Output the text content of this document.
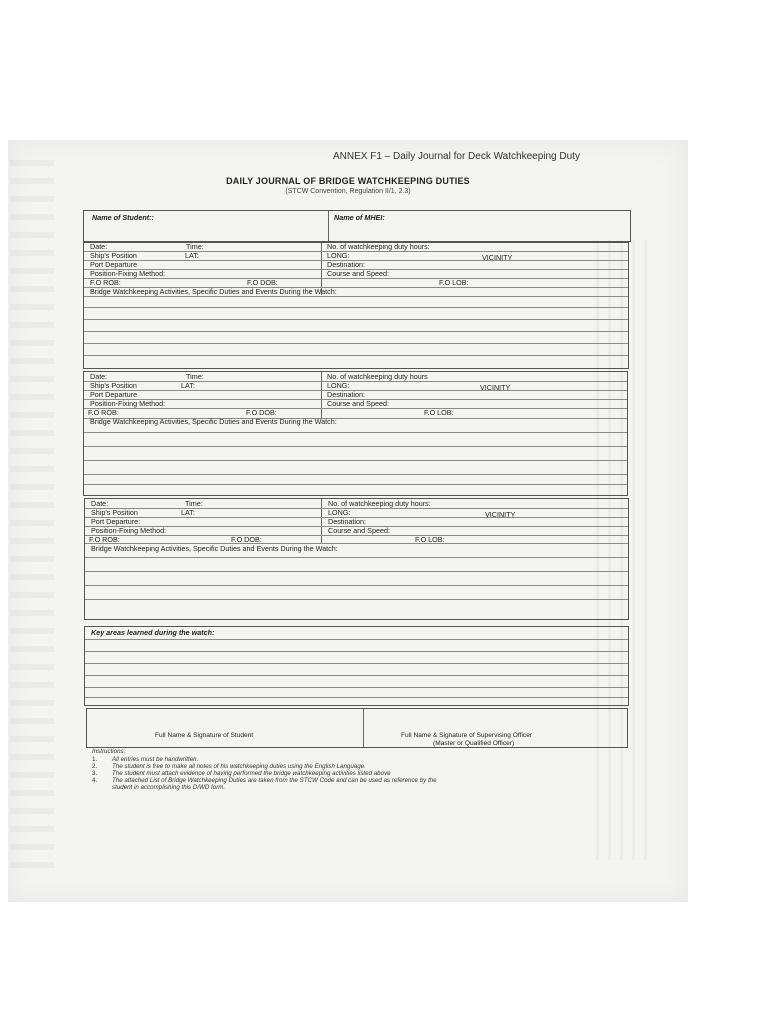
ANNEX F1 – Daily Journal for Deck Watchkeeping Duty
DAILY JOURNAL OF BRIDGE WATCHKEEPING DUTIES
(STCW Convention, Regulation II/1, 2.3)
Name of Student::	Name of MHEI:
Date:	Time:	No. of watchkeeping duty hours:
Ship's Position	LAT:	LONG:	VICINITY
Port Departure	Destination:
Position-Fixing Method:	Course and Speed:
F.O ROB:	F.O DOB:	F.O LOB:
Bridge Watchkeeping Activities, Specific Duties and Events During the Watch:
Date:	Time:	No. of watchkeeping duty hours
Ship's Position	LAT:	LONG:	VICINITY
Port Departure	Destination:
Position-Fixing Method:	Course and Speed:
F.O ROB:	F.O DOB:	F.O LOB:
Bridge Watchkeeping Activities, Specific Duties and Events During the Watch:
Date:	Time:	No. of watchkeeping duty hours:
Ship's Position	LAT:	LONG:	VICINITY
Port Departure:	Destination:
Position-Fixing Method:	Course and Speed:
F.O ROB:	F.O DOB:	F.O LOB:
Bridge Watchkeeping Activities, Specific Duties and Events During the Watch:
Key areas learned during the watch:
Full Name & Signature of Student	Full Name & Signature of Supervising Officer
(Master or Qualified Officer)
Instructions:
1. All entries must be handwritten.
2. The student is free to make all notes of his watchkeeping duties using the English Language.
3. The student must attach evidence of having performed the bridge watchkeeping activities listed above
4. The attached List of Bridge Watchkeeping Duties are taken from the STCW Code and can be used as reference by the
student in accomplishing this D/WD form.
